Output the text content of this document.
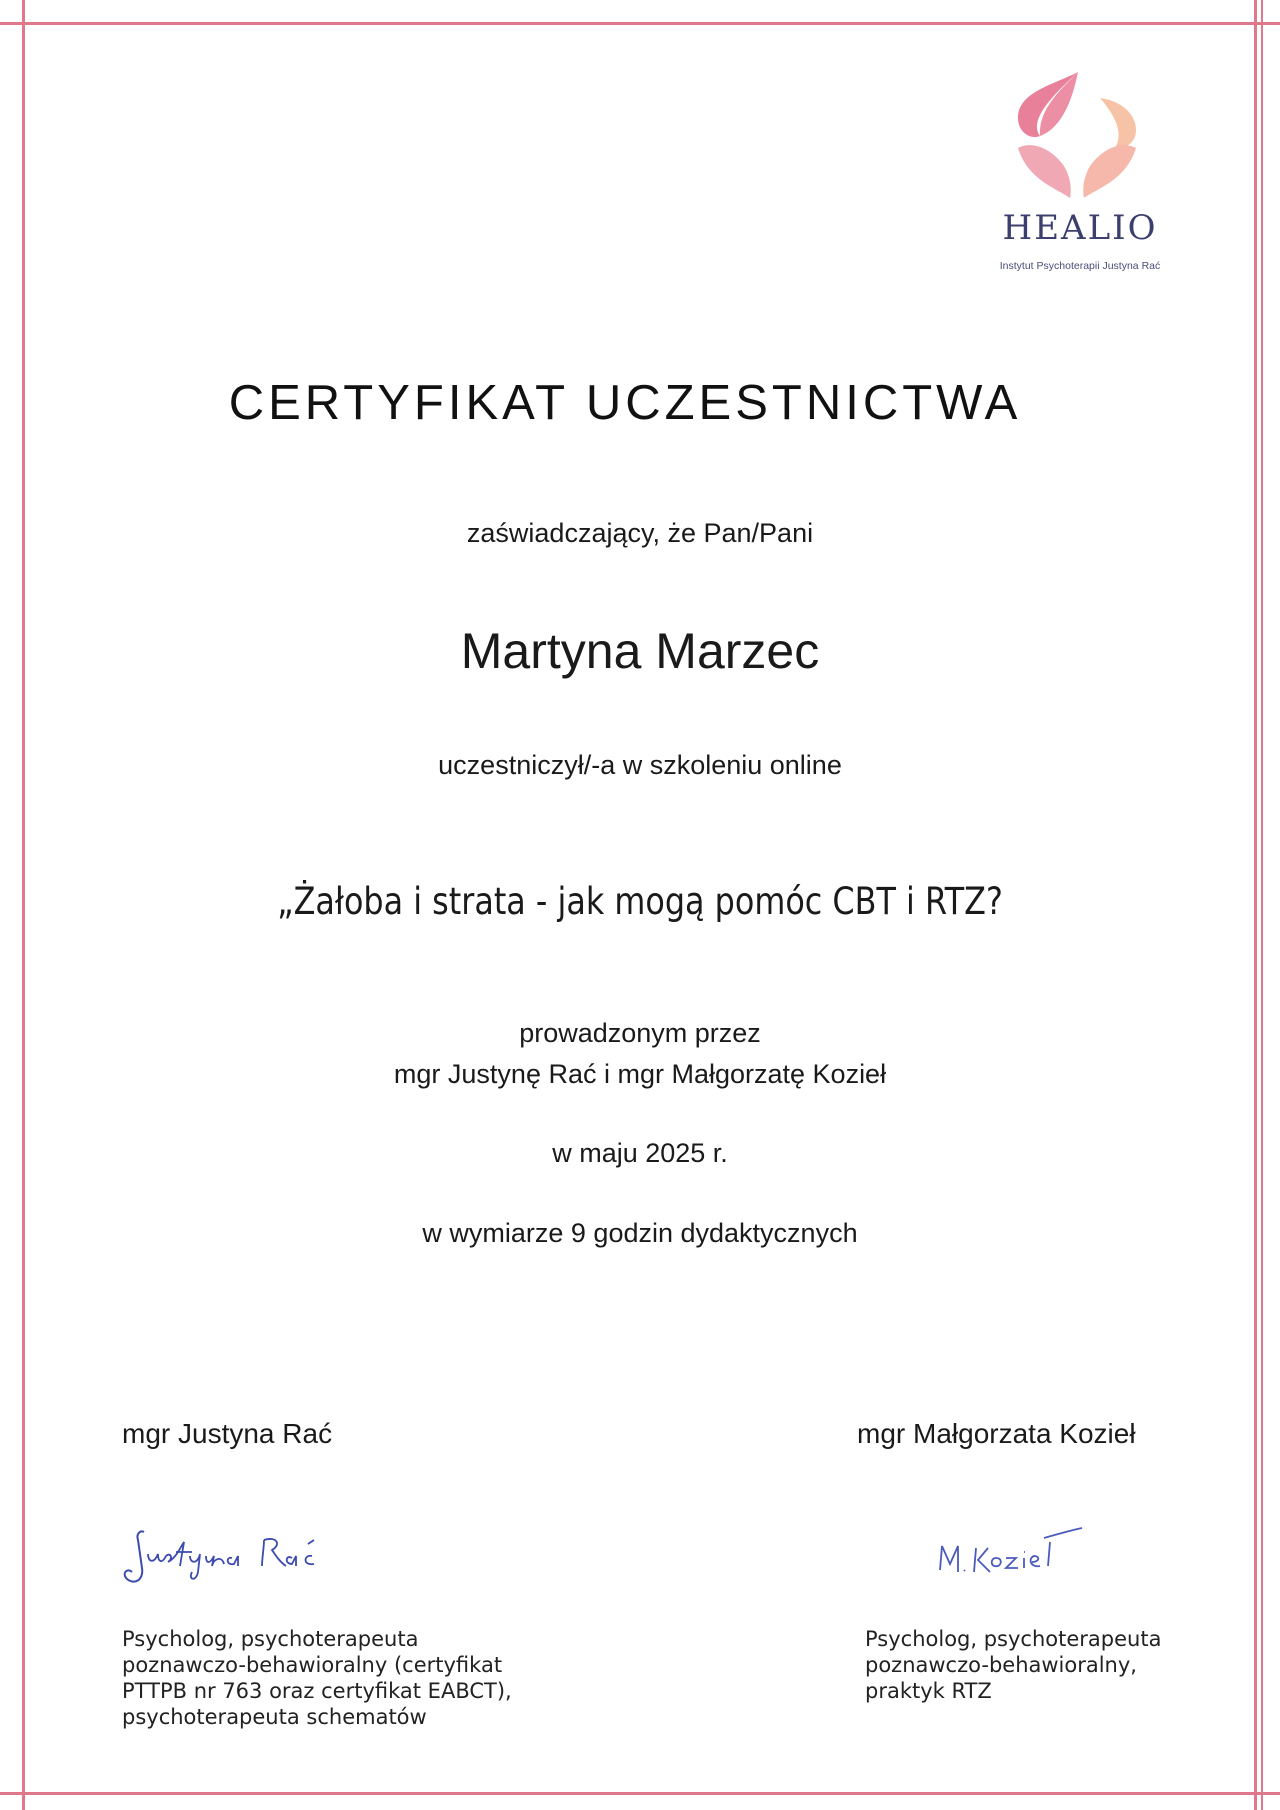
HEALIO
Instytut Psychoterapii Justyna Rać
CERTYFIKAT UCZESTNICTWA
zaświadczający, że Pan/Pani
Martyna Marzec
uczestniczył/-a w szkoleniu online
„Żałoba i strata - jak mogą pomóc CBT i RTZ?
prowadzonym przez
mgr Justynę Rać i mgr Małgorzatę Kozieł
w maju 2025 r.
w wymiarze 9 godzin dydaktycznych
mgr Justyna Rać
Psycholog, psychoterapeuta
poznawczo-behawioralny (certyfikat
PTTPB nr 763 oraz certyfikat EABCT),
psychoterapeuta schematów
mgr Małgorzata Kozieł
Psycholog, psychoterapeuta
poznawczo-behawioralny,
praktyk RTZ
